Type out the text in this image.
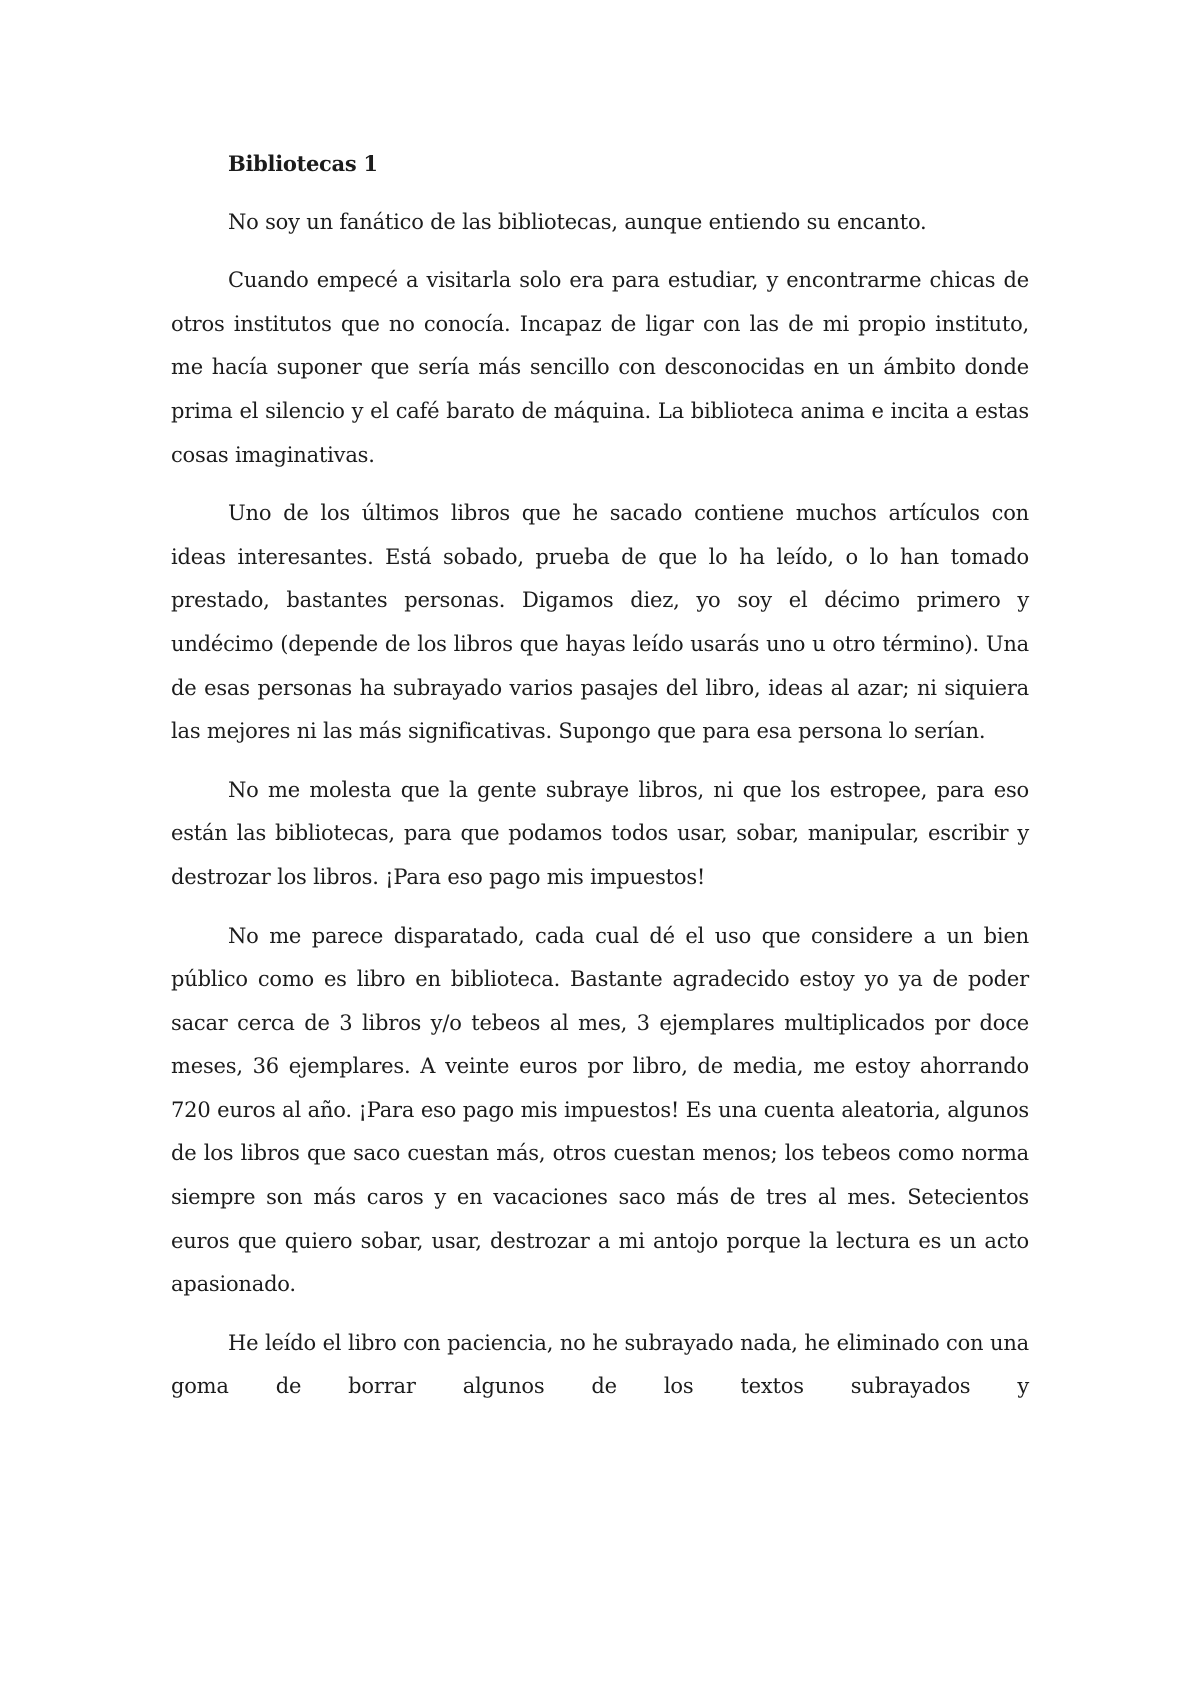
Bibliotecas 1

No soy un fanático de las bibliotecas, aunque entiendo su encanto.

Cuando empecé a visitarla solo era para estudiar, y encontrarme chicas de otros institutos que no conocía. Incapaz de ligar con las de mi propio instituto, me hacía suponer que sería más sencillo con desconocidas en un ámbito donde prima el silencio y el café barato de máquina. La biblioteca anima e incita a estas cosas imaginativas.

Uno de los últimos libros que he sacado contiene muchos artículos con ideas interesantes. Está sobado, prueba de que lo ha leído, o lo han tomado prestado, bastantes personas. Digamos diez, yo soy el décimo primero y undécimo (depende de los libros que hayas leído usarás uno u otro término). Una de esas personas ha subrayado varios pasajes del libro, ideas al azar; ni siquiera las mejores ni las más significativas. Supongo que para esa persona lo serían.

No me molesta que la gente subraye libros, ni que los estropee, para eso están las bibliotecas, para que podamos todos usar, sobar, manipular, escribir y destrozar los libros. ¡Para eso pago mis impuestos!

No me parece disparatado, cada cual dé el uso que considere a un bien público como es libro en biblioteca. Bastante agradecido estoy yo ya de poder sacar cerca de 3 libros y/o tebeos al mes, 3 ejemplares multiplicados por doce meses, 36 ejemplares. A veinte euros por libro, de media, me estoy ahorrando 720 euros al año. ¡Para eso pago mis impuestos! Es una cuenta aleatoria, algunos de los libros que saco cuestan más, otros cuestan menos; los tebeos como norma siempre son más caros y en vacaciones saco más de tres al mes. Setecientos euros que quiero sobar, usar, destrozar a mi antojo porque la lectura es un acto apasionado.

He leído el libro con paciencia, no he subrayado nada, he eliminado con una goma de borrar algunos de los textos subrayados y
